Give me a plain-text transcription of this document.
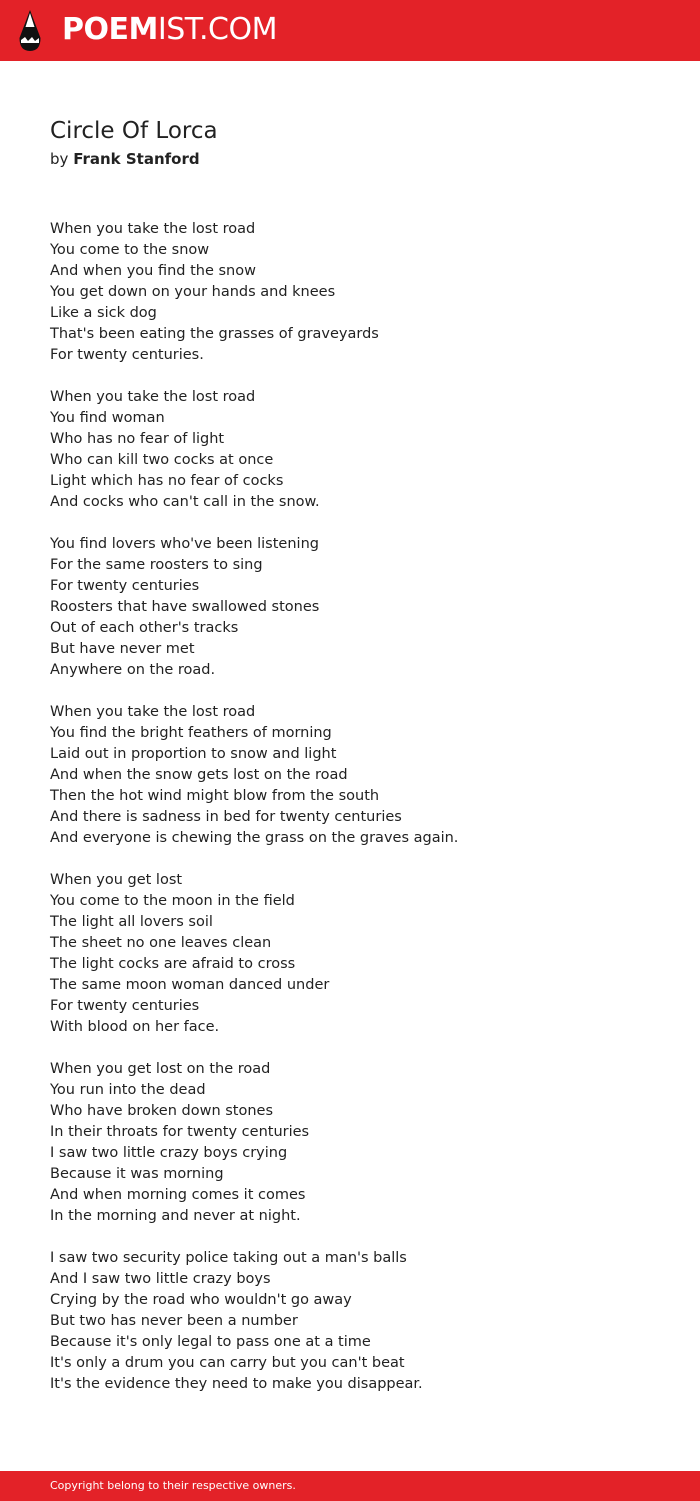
POEMIST.COM
Circle Of Lorca
by Frank Stanford
When you take the lost road
You come to the snow
And when you find the snow
You get down on your hands and knees
Like a sick dog
That's been eating the grasses of graveyards
For twenty centuries.
When you take the lost road
You find woman
Who has no fear of light
Who can kill two cocks at once
Light which has no fear of cocks
And cocks who can't call in the snow.
You find lovers who've been listening
For the same roosters to sing
For twenty centuries
Roosters that have swallowed stones
Out of each other's tracks
But have never met
Anywhere on the road.
When you take the lost road
You find the bright feathers of morning
Laid out in proportion to snow and light
And when the snow gets lost on the road
Then the hot wind might blow from the south
And there is sadness in bed for twenty centuries
And everyone is chewing the grass on the graves again.
When you get lost
You come to the moon in the field
The light all lovers soil
The sheet no one leaves clean
The light cocks are afraid to cross
The same moon woman danced under
For twenty centuries
With blood on her face.
When you get lost on the road
You run into the dead
Who have broken down stones
In their throats for twenty centuries
I saw two little crazy boys crying
Because it was morning
And when morning comes it comes
In the morning and never at night.
I saw two security police taking out a man's balls
And I saw two little crazy boys
Crying by the road who wouldn't go away
But two has never been a number
Because it's only legal to pass one at a time
It's only a drum you can carry but you can't beat
It's the evidence they need to make you disappear.
Copyright belong to their respective owners.
